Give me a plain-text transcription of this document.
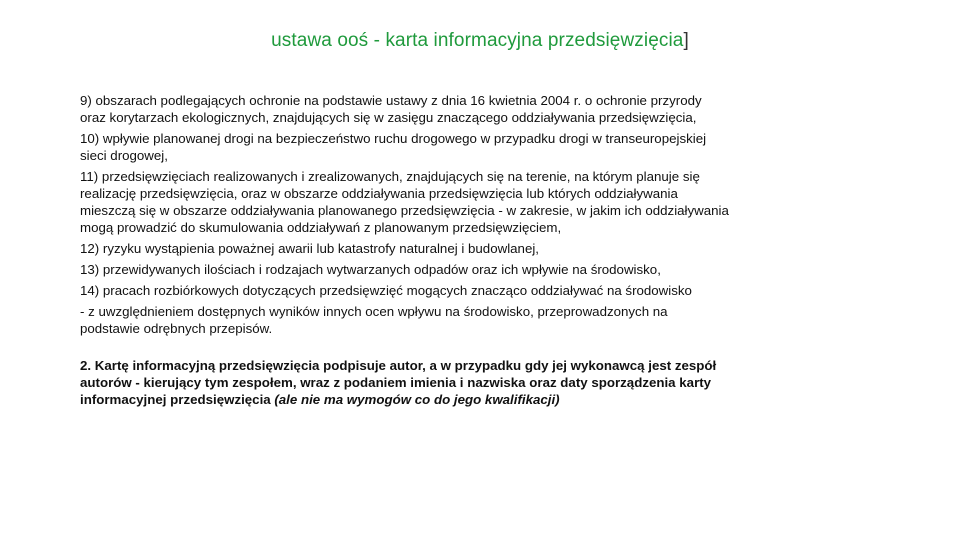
ustawa ooś - karta informacyjna przedsięwzięcia]
9) obszarach podlegających ochronie na podstawie ustawy z dnia 16 kwietnia 2004 r. o ochronie przyrody
oraz korytarzach ekologicznych, znajdujących się w zasięgu znaczącego oddziaływania przedsięwzięcia,
10) wpływie planowanej drogi na bezpieczeństwo ruchu drogowego w przypadku drogi w transeuropejskiej
sieci drogowej,
11) przedsięwzięciach realizowanych i zrealizowanych, znajdujących się na terenie, na którym planuje się
realizację przedsięwzięcia, oraz w obszarze oddziaływania przedsięwzięcia lub których oddziaływania
mieszczą się w obszarze oddziaływania planowanego przedsięwzięcia - w zakresie, w jakim ich oddziaływania
mogą prowadzić do skumulowania oddziaływań z planowanym przedsięwzięciem,
12) ryzyku wystąpienia poważnej awarii lub katastrofy naturalnej i budowlanej,
13) przewidywanych ilościach i rodzajach wytwarzanych odpadów oraz ich wpływie na środowisko,
14) pracach rozbiórkowych dotyczących przedsięwzięć mogących znacząco oddziaływać na środowisko
- z uwzględnieniem dostępnych wyników innych ocen wpływu na środowisko, przeprowadzonych na
podstawie odrębnych przepisów.
2. Kartę informacyjną przedsięwzięcia podpisuje autor, a w przypadku gdy jej wykonawcą jest zespół
autorów - kierujący tym zespołem, wraz z podaniem imienia i nazwiska oraz daty sporządzenia karty
informacyjnej przedsięwzięcia (ale nie ma wymogów co do jego kwalifikacji)
